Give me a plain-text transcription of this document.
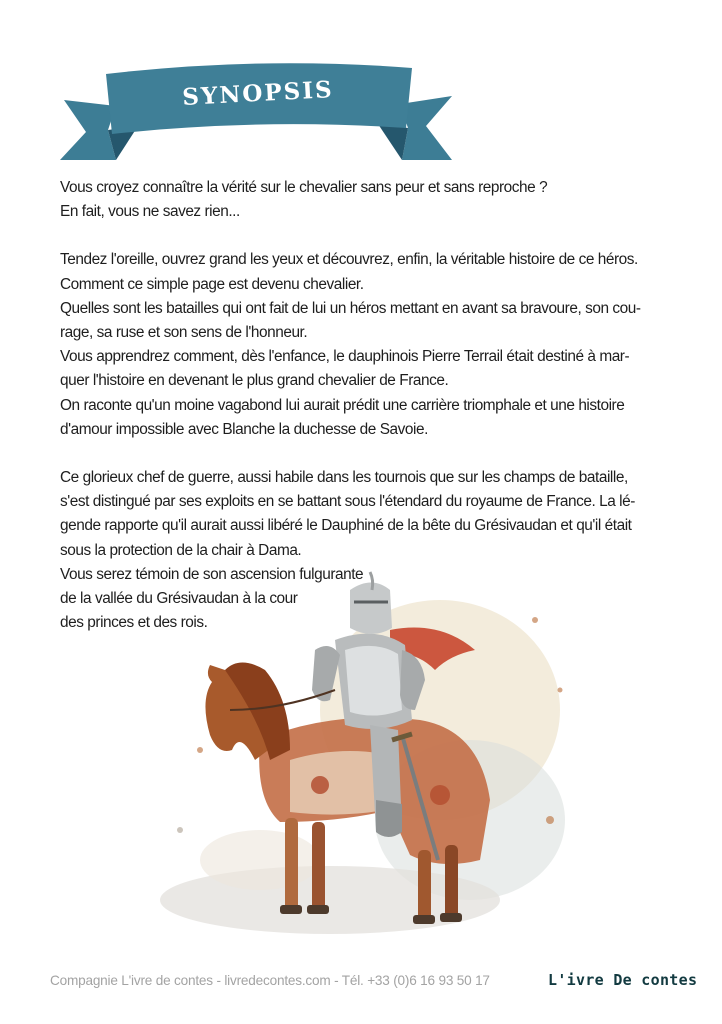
SYNOPSIS

Vous croyez connaître la vérité sur le chevalier sans peur et sans reproche ?
En fait, vous ne savez rien...

Tendez l'oreille, ouvrez grand les yeux et découvrez, enfin, la véritable histoire de ce héros.
Comment ce simple page est devenu chevalier.
Quelles sont les batailles qui ont fait de lui un héros mettant en avant sa bravoure, son cou-
rage, sa ruse et son sens de l'honneur.
Vous apprendrez comment, dès l'enfance, le dauphinois Pierre Terrail était destiné à mar-
quer l'histoire en devenant le plus grand chevalier de France.
On raconte qu'un moine vagabond lui aurait prédit une carrière triomphale et une histoire
d'amour impossible avec Blanche la duchesse de Savoie.

Ce glorieux chef de guerre, aussi habile dans les tournois que sur les champs de bataille,
s'est distingué par ses exploits en se battant sous l'étendard du royaume de France. La lé-
gende rapporte qu'il aurait aussi libéré le Dauphiné de la bête du Grésivaudan et qu'il était
sous la protection de la chair à Dama.
Vous serez témoin de son ascension fulgurante
de la vallée du Grésivaudan à la cour
des princes et des rois.

Compagnie L'ivre de contes - livredecontes.com - Tél. +33 (0)6 16 93 50 17	L'ivre De contes
